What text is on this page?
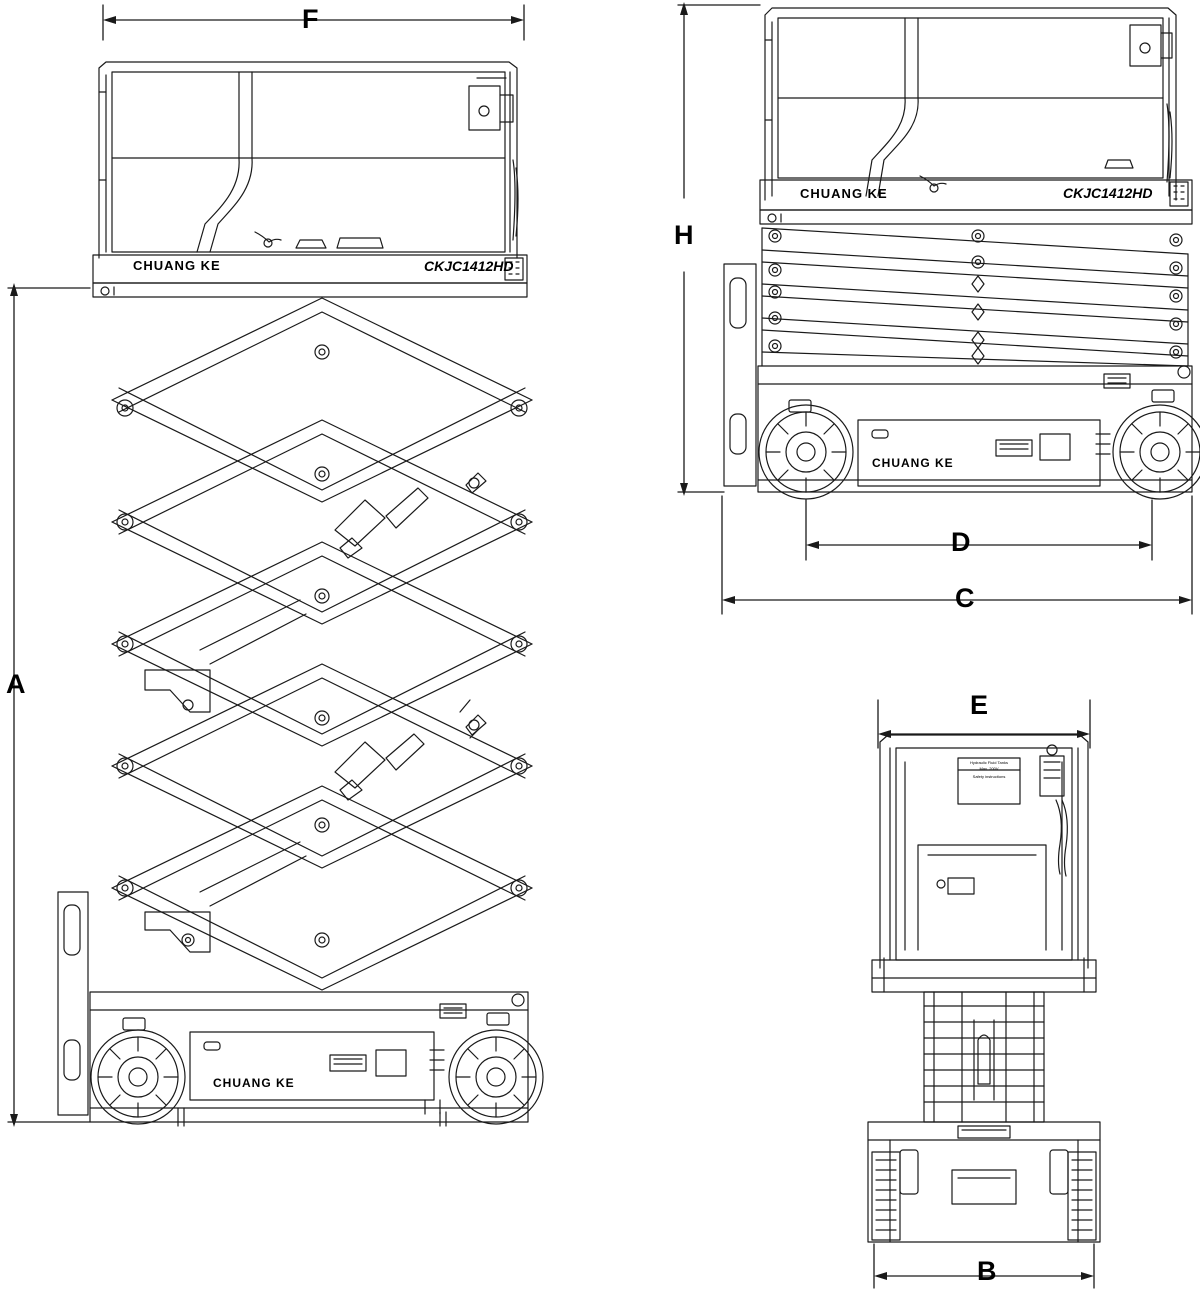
F
A
H
D
C
E
B
CHUANG KE	CKJC1412HD
CHUANG KE	CKJC1412HD
CHUANG KE
CHUANG KE
Hydraulic Fluid Tanks
Max. 200V
Safety instructions
